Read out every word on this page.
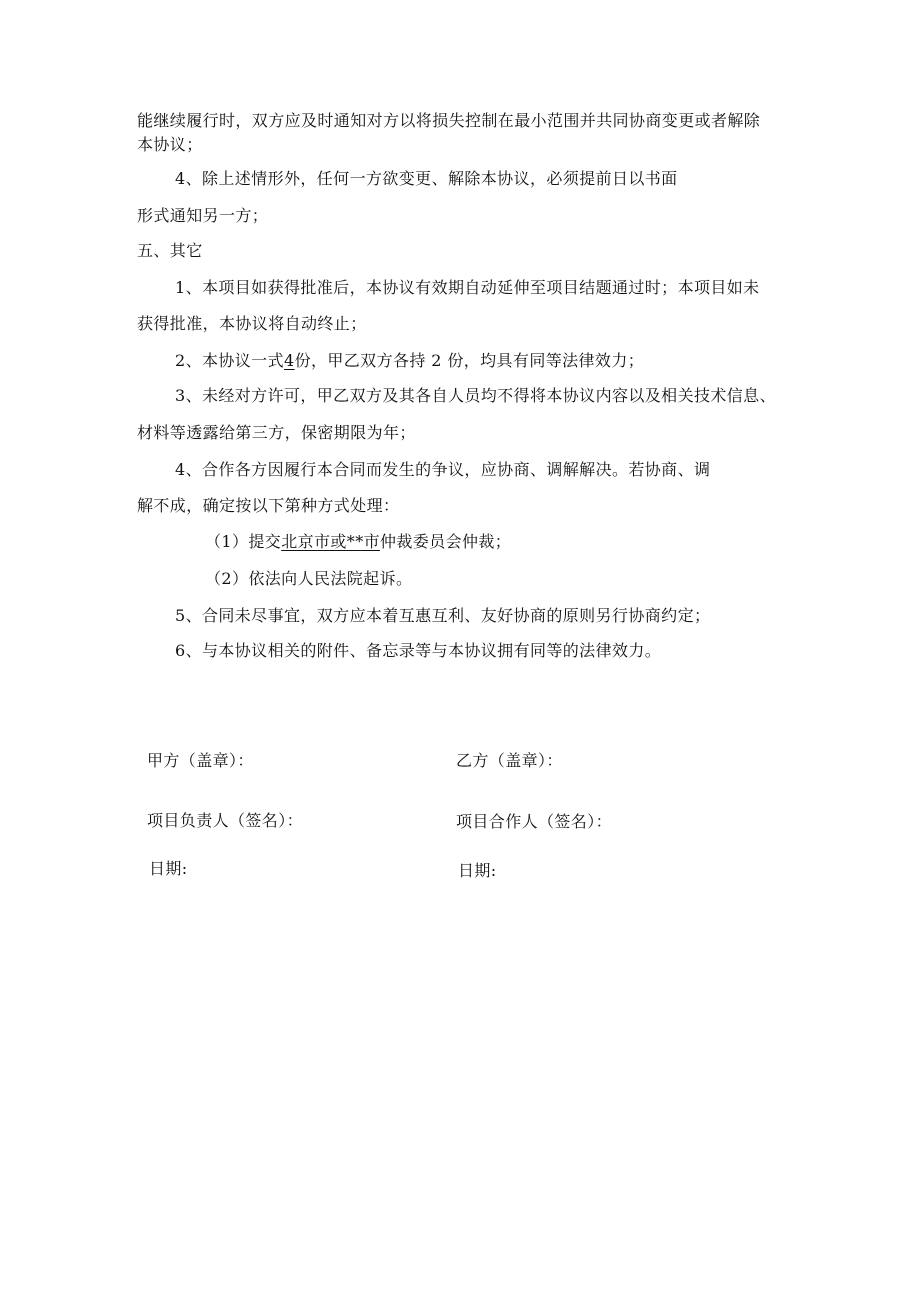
能继续履行时，双方应及时通知对方以将损失控制在最小范围并共同协商变更或者解除
本协议；
4、除上述情形外，任何一方欲变更、解除本协议，必须提前日以书面
形式通知另一方；
五、其它
1、本项目如获得批准后，本协议有效期自动延伸至项目结题通过时；本项目如未
获得批准，本协议将自动终止；
2、本协议一式4份，甲乙双方各持 2 份，均具有同等法律效力；
3、未经对方许可，甲乙双方及其各自人员均不得将本协议内容以及相关技术信息、
材料等透露给第三方，保密期限为年；
4、合作各方因履行本合同而发生的争议，应协商、调解解决。若协商、调
解不成，确定按以下第种方式处理：
（1）提交北京市或**市仲裁委员会仲裁；
（2）依法向人民法院起诉。
5、合同未尽事宜，双方应本着互惠互利、友好协商的原则另行协商约定；
6、与本协议相关的附件、备忘录等与本协议拥有同等的法律效力。
甲方（盖章）：	乙方（盖章）：
项目负责人（签名）：	项目合作人（签名）：
日期:	日期:
